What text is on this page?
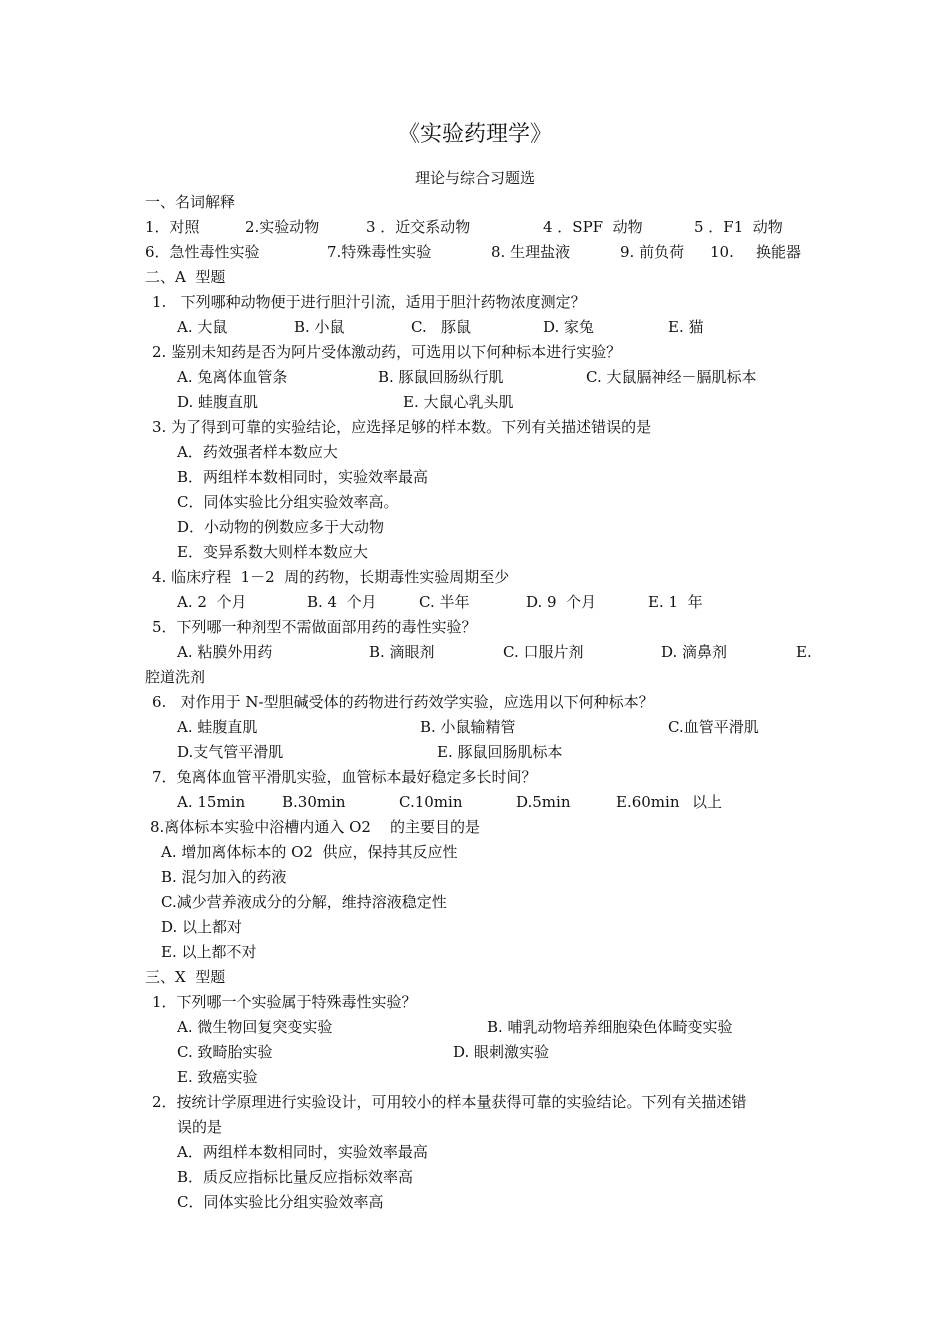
《实验药理学》
理论与综合习题选
一、名词解释
1．对照	2.实验动物	3 ．近交系动物	4 ．SPF  动物	5 ．F1  动物
6．急性毒性实验	7.特殊毒性实验	8. 生理盐液	9. 前负荷 10. 换能器
二、A  型题
1.   下列哪种动物便于进行胆汁引流，适用于胆汁药物浓度测定？
A. 大鼠	B. 小鼠	C.   豚鼠	D. 家兔	E. 猫
2. 鉴别未知药是否为阿片受体激动药，可选用以下何种标本进行实验？
A. 兔离体血管条	B. 豚鼠回肠纵行肌	C. 大鼠膈神经－膈肌标本
D. 蛙腹直肌	E. 大鼠心乳头肌
3. 为了得到可靠的实验结论，应选择足够的样本数。下列有关描述错误的是
A．药效强者样本数应大
B．两组样本数相同时，实验效率最高
C．同体实验比分组实验效率高。
D．小动物的例数应多于大动物
E．变异系数大则样本数应大
4. 临床疗程  1－2  周的药物，长期毒性实验周期至少
A. 2  个月	B. 4  个月	C. 半年	D. 9  个月	E. 1  年
5．下列哪一种剂型不需做面部用药的毒性实验？
A. 粘膜外用药	B. 滴眼剂	C. 口服片剂	D. 滴鼻剂	E.
腔道洗剂
6.   对作用于 N-型胆碱受体的药物进行药效学实验，应选用以下何种标本？
A. 蛙腹直肌	B. 小鼠输精管	C.血管平滑肌
D.支气管平滑肌	E. 豚鼠回肠肌标本
7．兔离体血管平滑肌实验，血管标本最好稳定多长时间？
A. 15min B.30min	C.10min	D.5min	E.60min 以上
8.离体标本实验中浴槽内通入 O2    的主要目的是
A. 增加离体标本的 O2  供应，保持其反应性
B. 混匀加入的药液
C.减少营养液成分的分解，维持溶液稳定性
D. 以上都对
E. 以上都不对
三、X  型题
1．下列哪一个实验属于特殊毒性实验？
A. 微生物回复突变实验	B. 哺乳动物培养细胞染色体畸变实验
C. 致畸胎实验	D. 眼刺激实验
E. 致癌实验
2．按统计学原理进行实验设计，可用较小的样本量获得可靠的实验结论。下列有关描述错
误的是
A．两组样本数相同时，实验效率最高
B．质反应指标比量反应指标效率高
C．同体实验比分组实验效率高
